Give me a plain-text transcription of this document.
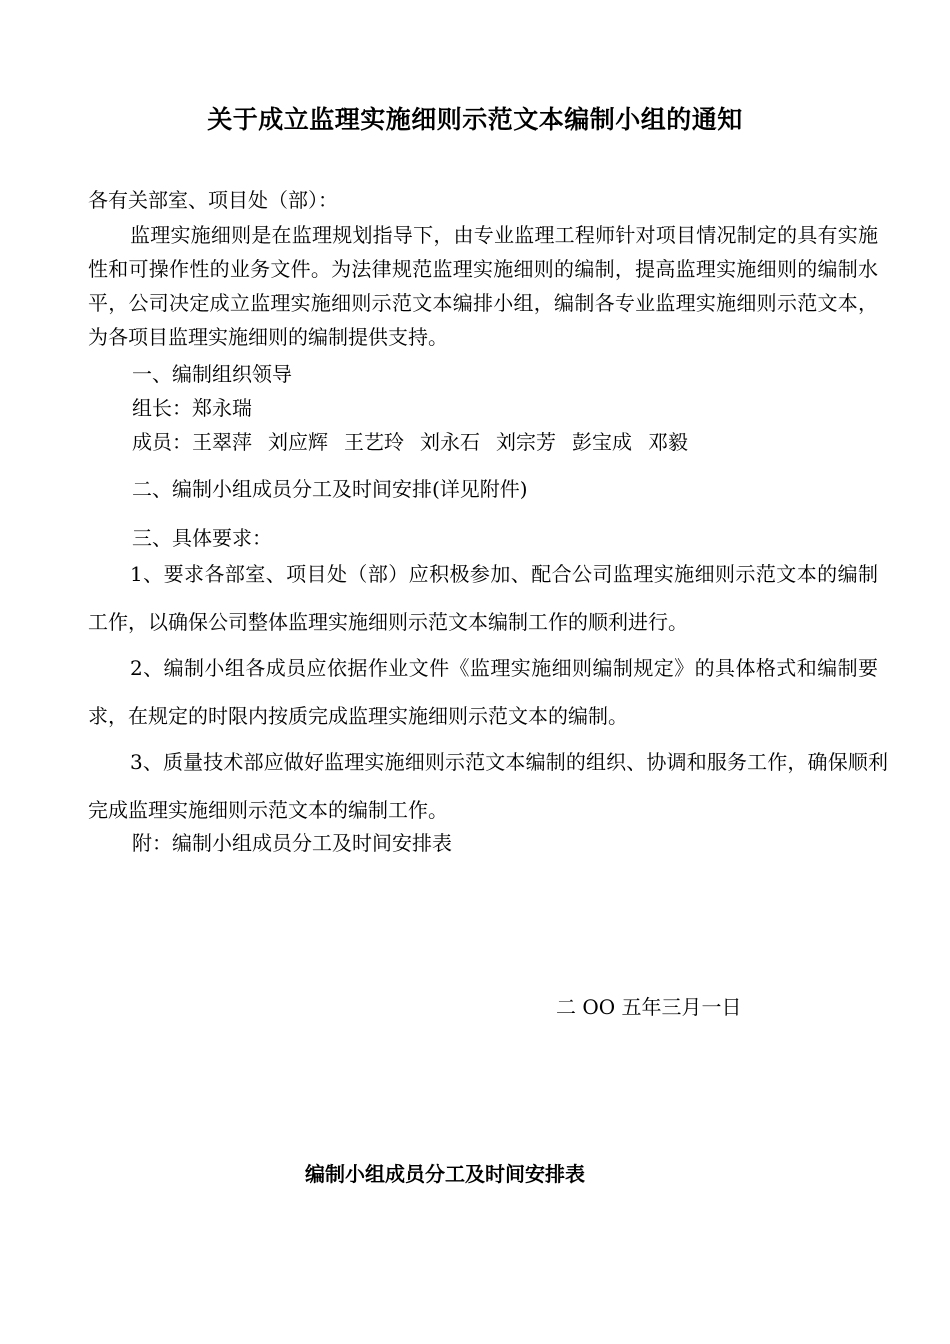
关于成立监理实施细则示范文本编制小组的通知
各有关部室、项目处（部）：
监理实施细则是在监理规划指导下，由专业监理工程师针对项目情况制定的具有实施性和可操作性的业务文件。为法律规范监理实施细则的编制，提高监理实施细则的编制水平，公司决定成立监理实施细则示范文本编排小组，编制各专业监理实施细则示范文本，为各项目监理实施细则的编制提供支持。
一、编制组织领导
组长：郑永瑞
成员：王翠萍 刘应辉 王艺玲 刘永石 刘宗芳 彭宝成 邓毅
二、编制小组成员分工及时间安排(详见附件)
三、具体要求：
1、要求各部室、项目处（部）应积极参加、配合公司监理实施细则示范文本的编制工作，以确保公司整体监理实施细则示范文本编制工作的顺利进行。
2、编制小组各成员应依据作业文件《监理实施细则编制规定》的具体格式和编制要求，在规定的时限内按质完成监理实施细则示范文本的编制。
3、质量技术部应做好监理实施细则示范文本编制的组织、协调和服务工作，确保顺利完成监理实施细则示范文本的编制工作。
附：编制小组成员分工及时间安排表
二 OO 五年三月一日
编制小组成员分工及时间安排表
